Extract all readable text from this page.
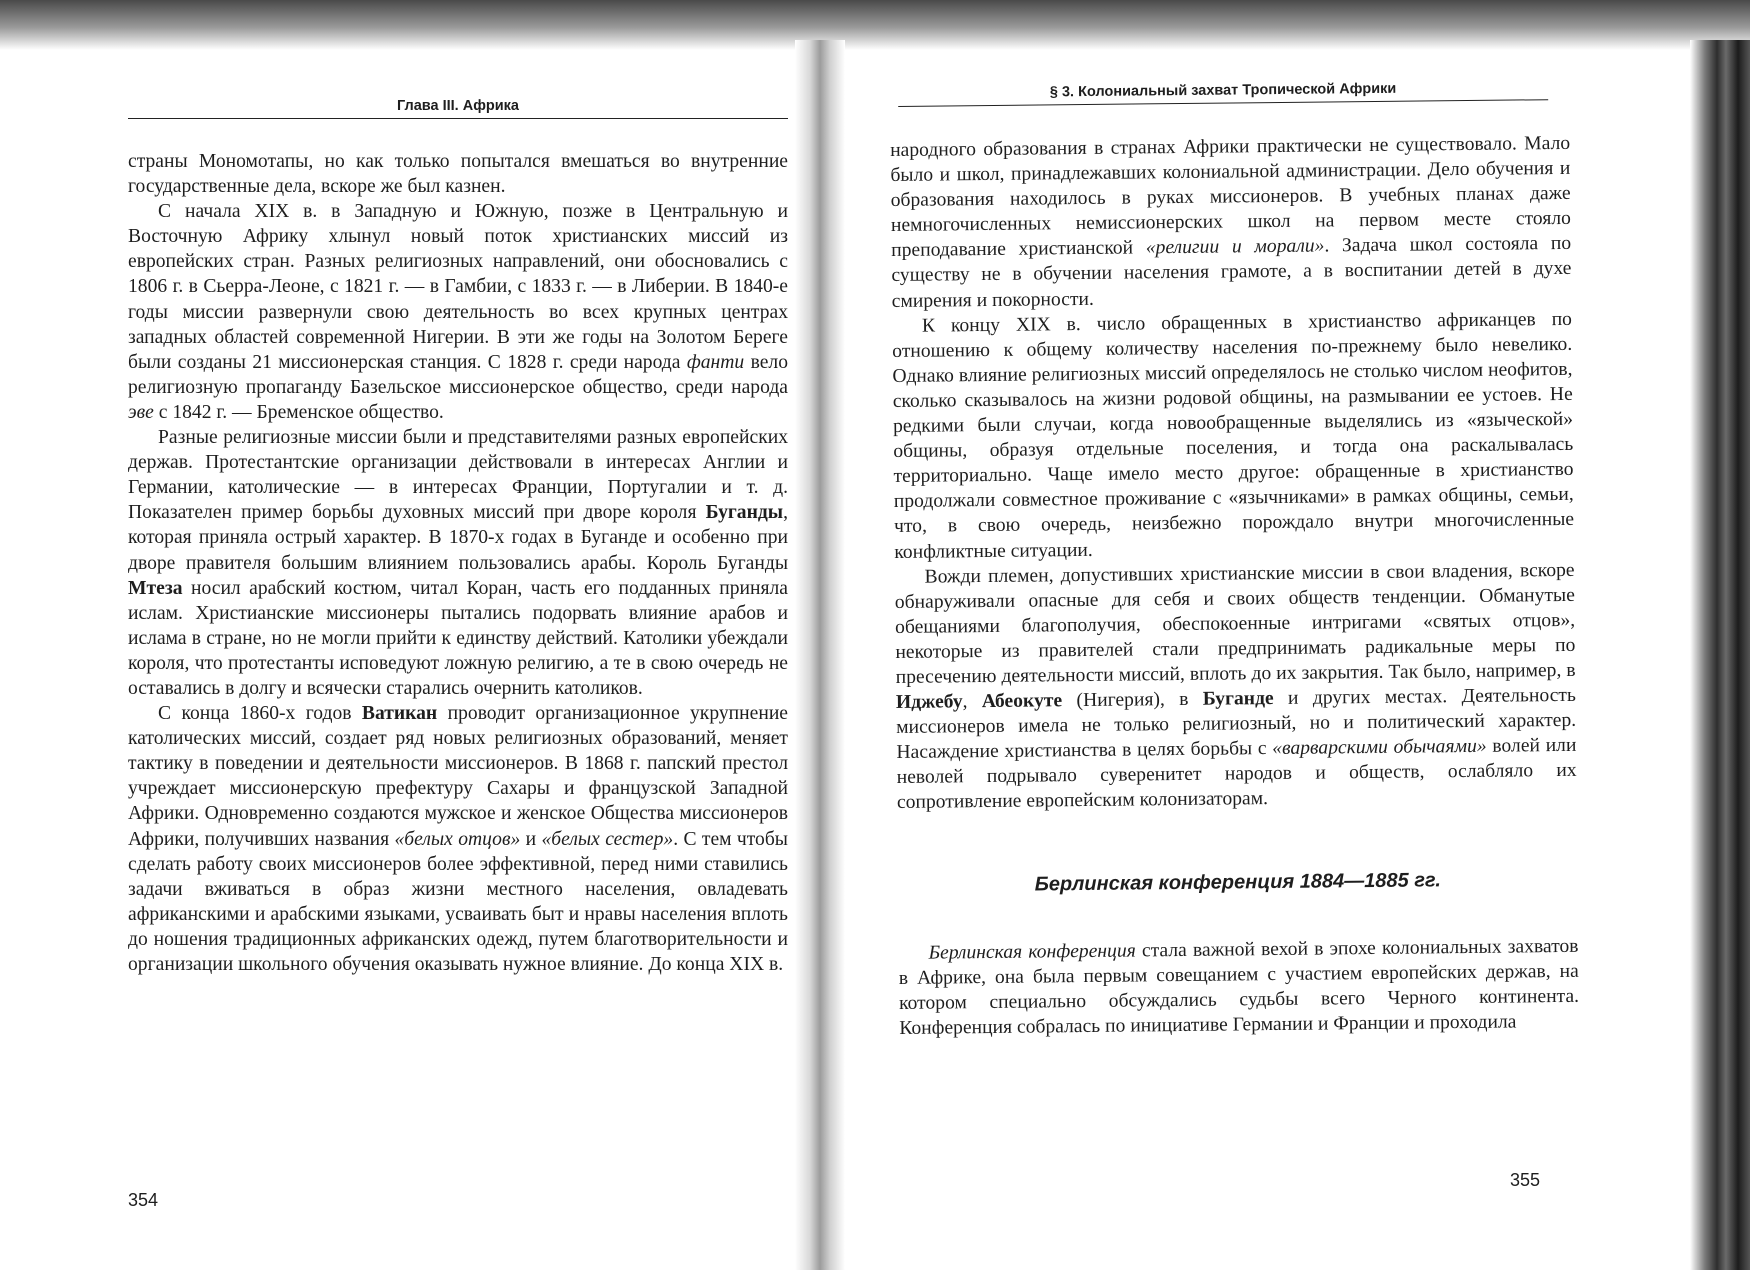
Глава III. Африка

страны Мономотапы, но как только попытался вмешаться во внутренние государственные дела, вскоре же был казнен.

С начала XIX в. в Западную и Южную, позже в Центральную и Восточную Африку хлынул новый поток христианских миссий из европейских стран. Разных религиозных направлений, они обосновались с 1806 г. в Сьерра-Леоне, с 1821 г. — в Гамбии, с 1833 г. — в Либерии. В 1840-е годы миссии развернули свою деятельность во всех крупных центрах западных областей современной Нигерии. В эти же годы на Золотом Береге были созданы 21 миссионерская станция. С 1828 г. среди народа фанти вело религиозную пропаганду Базельское миссионерское общество, среди народа эве с 1842 г. — Бременское общество.

Разные религиозные миссии были и представителями разных европейских держав. Протестантские организации действовали в интересах Англии и Германии, католические — в интересах Франции, Португалии и т. д. Показателен пример борьбы духовных миссий при дворе короля Буганды, которая приняла острый характер. В 1870-х годах в Буганде и особенно при дворе правителя большим влиянием пользовались арабы. Король Буганды Мтеза носил арабский костюм, читал Коран, часть его подданных приняла ислам. Христианские миссионеры пытались подорвать влияние арабов и ислама в стране, но не могли прийти к единству действий. Католики убеждали короля, что протестанты исповедуют ложную религию, а те в свою очередь не оставались в долгу и всячески старались очернить католиков.

С конца 1860-х годов Ватикан проводит организационное укрупнение католических миссий, создает ряд новых религиозных образований, меняет тактику в поведении и деятельности миссионеров. В 1868 г. папский престол учреждает миссионерскую префектуру Сахары и французской Западной Африки. Одновременно создаются мужское и женское Общества миссионеров Африки, получивших названия «белых отцов» и «белых сестер». С тем чтобы сделать работу своих миссионеров более эффективной, перед ними ставились задачи вживаться в образ жизни местного населения, овладевать африканскими и арабскими языками, усваивать быт и нравы населения вплоть до ношения традиционных африканских одежд, путем благотворительности и организации школьного обучения оказывать нужное влияние. До конца XIX в.

354
§ 3. Колониальный захват Тропической Африки

народного образования в странах Африки практически не существовало. Мало было и школ, принадлежавших колониальной администрации. Дело обучения и образования находилось в руках миссионеров. В учебных планах даже немногочисленных немиссионерских школ на первом месте стояло преподавание христианской «религии и морали». Задача школ состояла по существу не в обучении населения грамоте, а в воспитании детей в духе смирения и покорности.

К концу XIX в. число обращенных в христианство африканцев по отношению к общему количеству населения по-прежнему было невелико. Однако влияние религиозных миссий определялось не столько числом неофитов, сколько сказывалось на жизни родовой общины, на размывании ее устоев. Не редкими были случаи, когда новообращенные выделялись из «языческой» общины, образуя отдельные поселения, и тогда она раскалывалась территориально. Чаще имело место другое: обращенные в христианство продолжали совместное проживание с «язычниками» в рамках общины, семьи, что, в свою очередь, неизбежно порождало внутри многочисленные конфликтные ситуации.

Вожди племен, допустивших христианские миссии в свои владения, вскоре обнаруживали опасные для себя и своих обществ тенденции. Обманутые обещаниями благополучия, обеспокоенные интригами «святых отцов», некоторые из правителей стали предпринимать радикальные меры по пресечению деятельности миссий, вплоть до их закрытия. Так было, например, в Иджебу, Абеокуте (Нигерия), в Буганде и других местах. Деятельность миссионеров имела не только религиозный, но и политический характер. Насаждение христианства в целях борьбы с «варварскими обычаями» волей или неволей подрывало суверенитет народов и обществ, ослабляло их сопротивление европейским колонизаторам.

Берлинская конференция 1884—1885 гг.

Берлинская конференция стала важной вехой в эпохе колониальных захватов в Африке, она была первым совещанием с участием европейских держав, на котором специально обсуждались судьбы всего Черного континента. Конференция собралась по инициативе Германии и Франции и проходила

355
